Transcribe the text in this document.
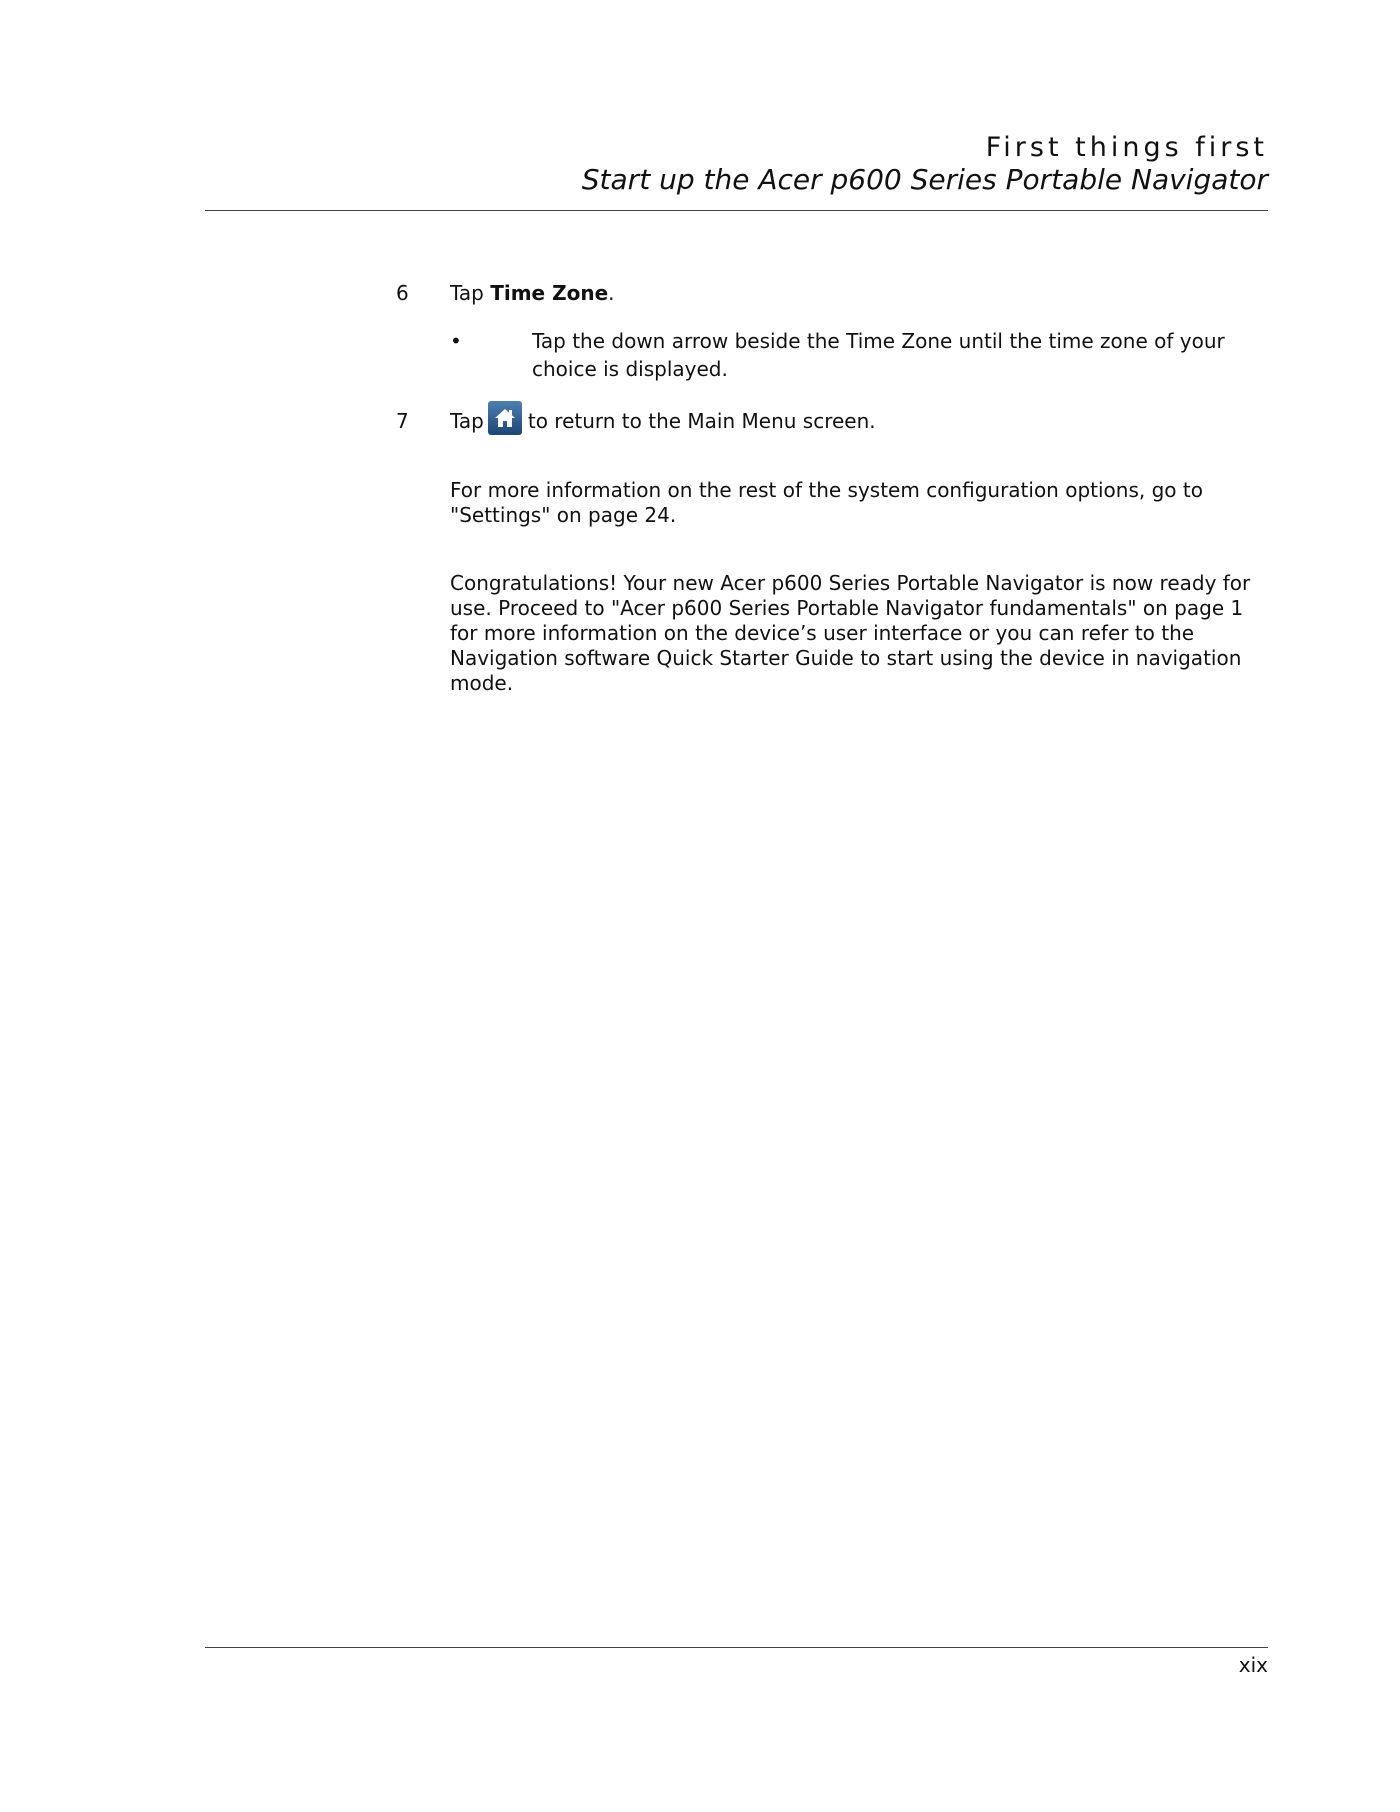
First things first
Start up the Acer p600 Series Portable Navigator
6 Tap Time Zone.
•	Tap the down arrow beside the Time Zone until the time zone of your choice is displayed.
7 Tap to return to the Main Menu screen.
For more information on the rest of the system configuration options, go to "Settings" on page 24.
Congratulations! Your new Acer p600 Series Portable Navigator is now ready for use. Proceed to "Acer p600 Series Portable Navigator fundamentals" on page 1 for more information on the device’s user interface or you can refer to the Navigation software Quick Starter Guide to start using the device in navigation mode.
xix
